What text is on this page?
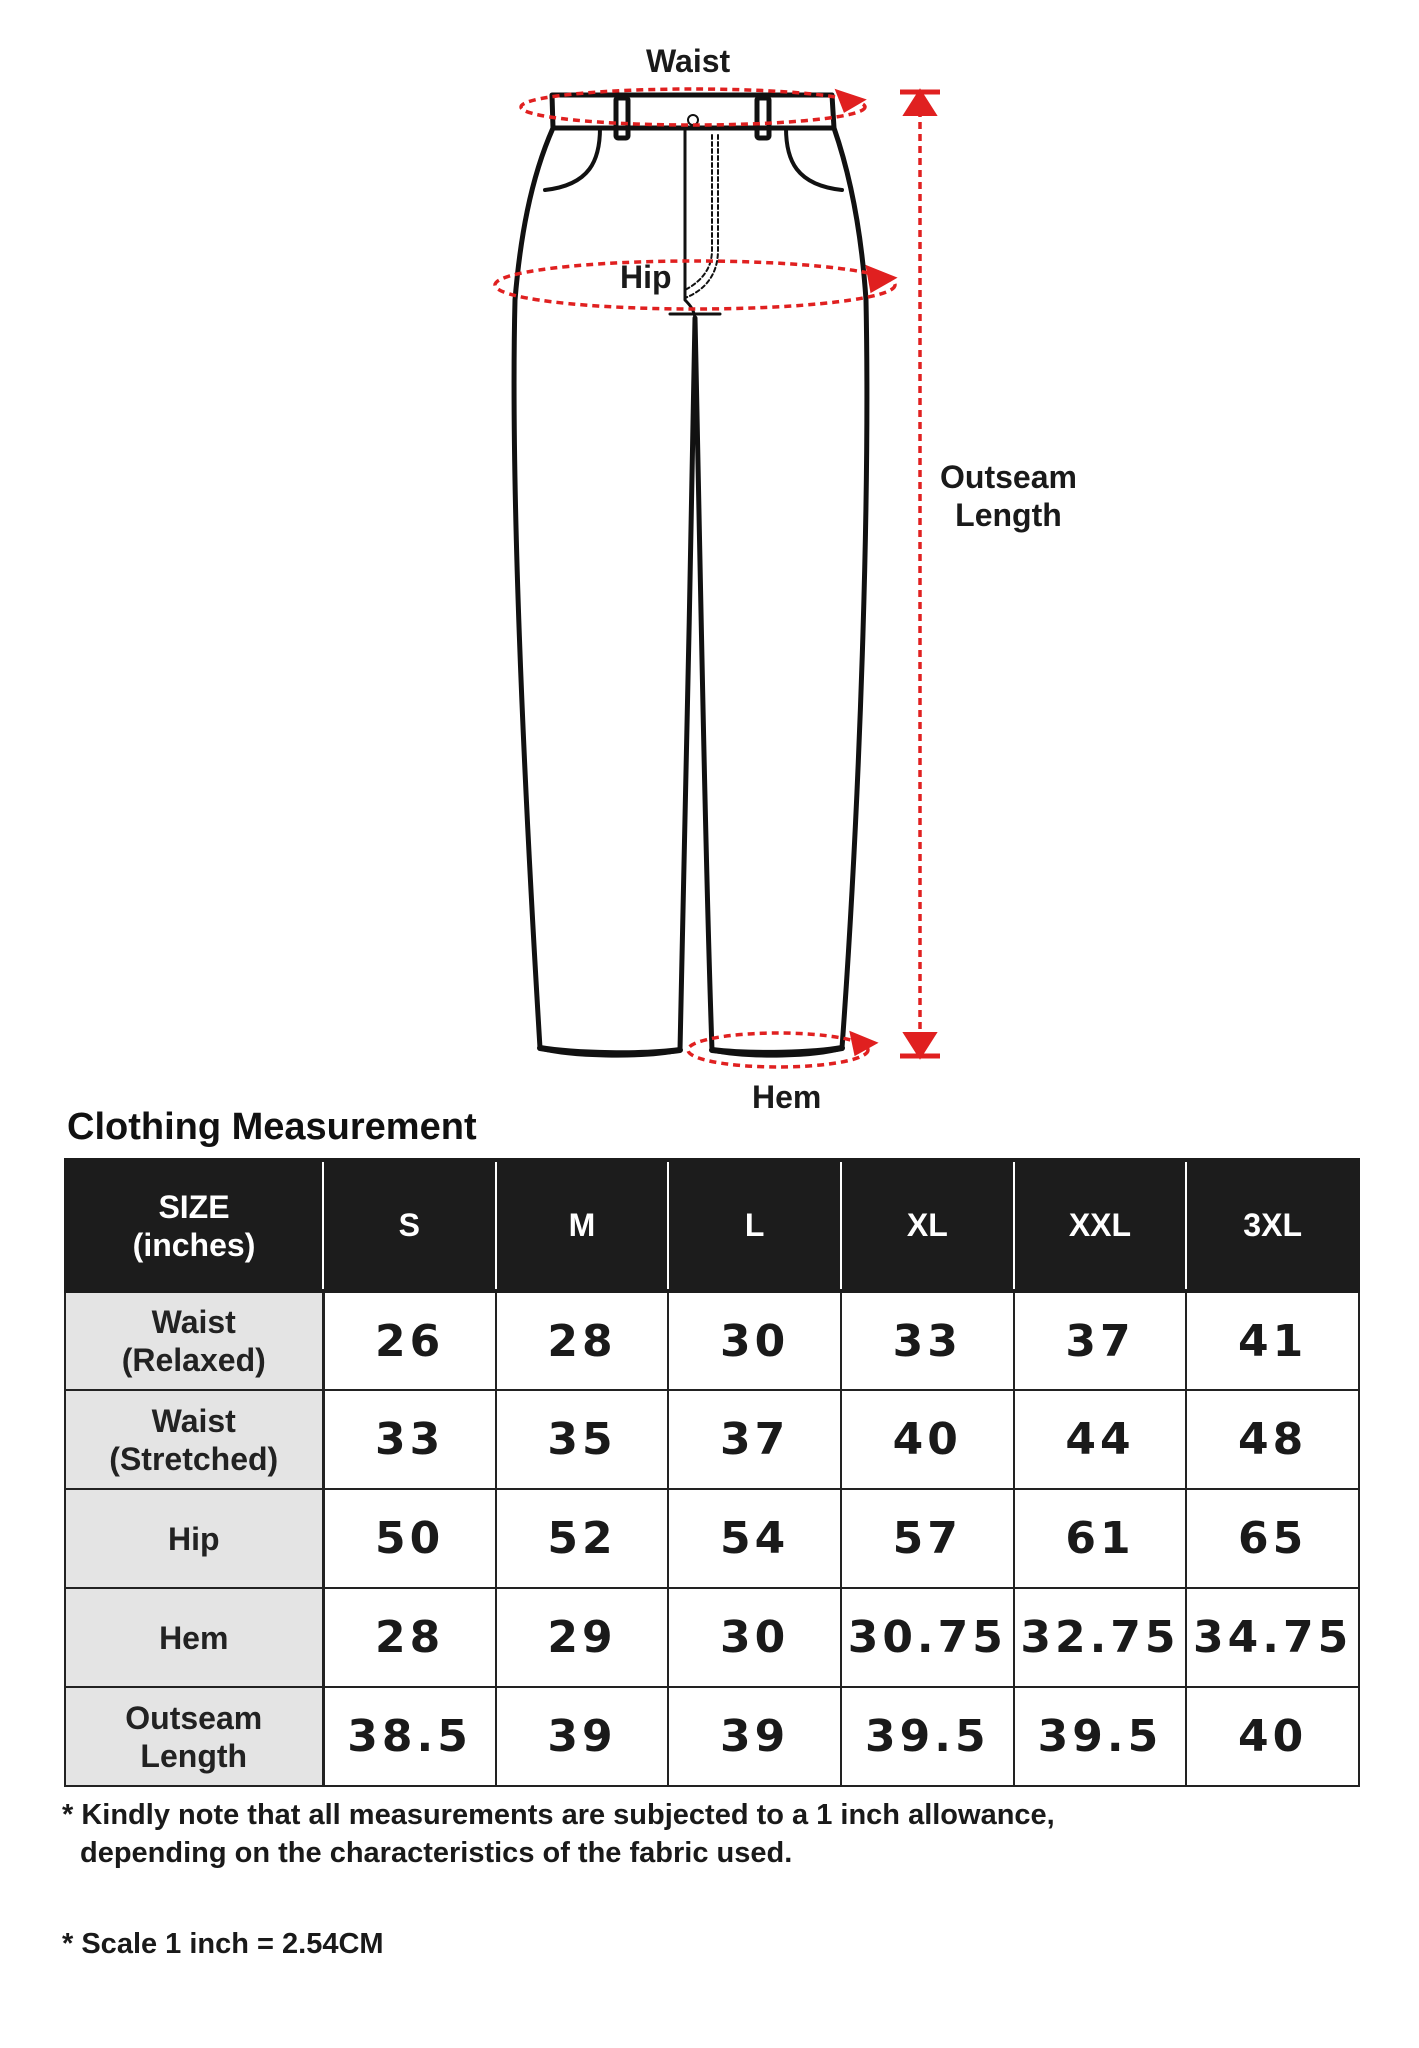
Waist
Hip
Outseam
Length
Hem
Clothing Measurement
SIZE
(inches)	S	M	L	XL	XXL	3XL

Waist
(Relaxed)	26	28	30	33	37	41

Waist
(Stretched)	33	35	37	40	44	48

Hip	50	52	54	57	61	65

Hem	28	29	30	30.75	32.75	34.75

Outseam
Length	38.5	39	39	39.5	39.5	40
* Kindly note that all measurements are subjected to a 1 inch allowance,
depending on the characteristics of the fabric used.
* Scale 1 inch = 2.54CM
